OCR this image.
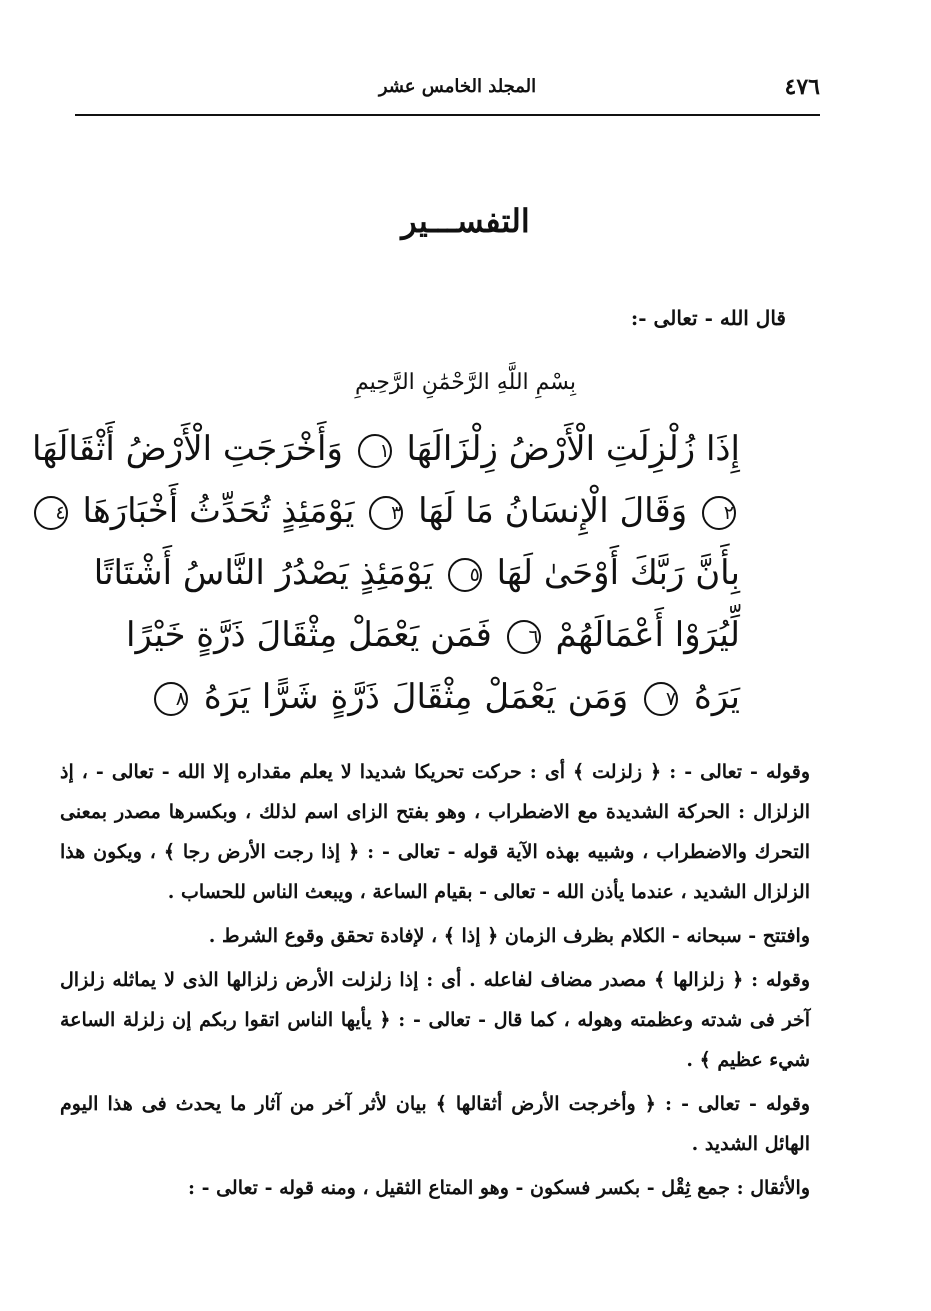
٤٧٦
المجلد الخامس عشر
التفســـير
قال الله - تعالى -:
بِسْمِ اللَّهِ الرَّحْمَٰنِ الرَّحِيمِ
إِذَا زُلْزِلَتِ الْأَرْضُ زِلْزَالَهَا ١ وَأَخْرَجَتِ الْأَرْضُ أَثْقَالَهَا
٢ وَقَالَ الْإِنسَانُ مَا لَهَا ٣ يَوْمَئِذٍ تُحَدِّثُ أَخْبَارَهَا ٤
بِأَنَّ رَبَّكَ أَوْحَىٰ لَهَا ٥ يَوْمَئِذٍ يَصْدُرُ النَّاسُ أَشْتَاتًا
لِّيُرَوْا أَعْمَالَهُمْ ٦ فَمَن يَعْمَلْ مِثْقَالَ ذَرَّةٍ خَيْرًا
يَرَهُ ٧ وَمَن يَعْمَلْ مِثْقَالَ ذَرَّةٍ شَرًّا يَرَهُ ٨

وقوله - تعالى - : ﴿ زلزلت ﴾ أى : حركت تحريكا شديدا لا يعلم مقداره إلا الله - تعالى - ، إذ الزلزال : الحركة الشديدة مع الاضطراب ، وهو بفتح الزاى اسم لذلك ، وبكسرها مصدر بمعنى التحرك والاضطراب ، وشبيه بهذه الآية قوله - تعالى - : ﴿ إذا رجت الأرض رجا ﴾ ، ويكون هذا الزلزال الشديد ، عندما يأذن الله - تعالى - بقيام الساعة ، ويبعث الناس للحساب .

وافتتح - سبحانه - الكلام بظرف الزمان ﴿ إذا ﴾ ، لإفادة تحقق وقوع الشرط .

وقوله : ﴿ زلزالها ﴾ مصدر مضاف لفاعله . أى : إذا زلزلت الأرض زلزالها الذى لا يماثله زلزال آخر فى شدته وعظمته وهوله ، كما قال - تعالى - : ﴿ يأيها الناس اتقوا ربكم إن زلزلة الساعة شيء عظيم ﴾ .

وقوله - تعالى - : ﴿ وأخرجت الأرض أثقالها ﴾ بيان لأثر آخر من آثار ما يحدث فى هذا اليوم الهائل الشديد .

والأثقال : جمع ثِقْل - بكسر فسكون - وهو المتاع الثقيل ، ومنه قوله - تعالى - :
